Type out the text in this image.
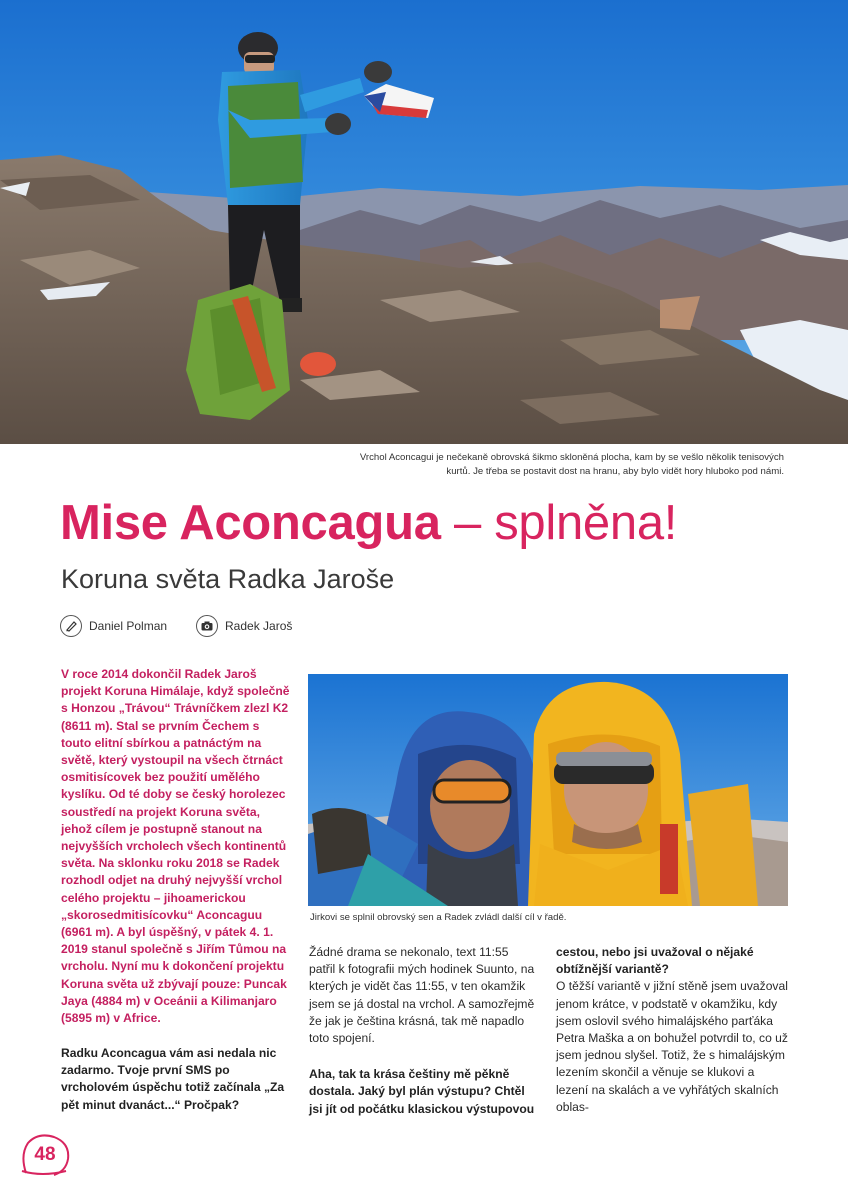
Vrchol Aconcagui je nečekaně obrovská šikmo skloněná plocha, kam by se vešlo několik tenisových kurtů. Je třeba se postavit dost na hranu, aby bylo vidět hory hluboko pod námi.
Mise Aconcagua – splněna!
Koruna světa Radka Jaroše
Daniel Polman	Radek Jaroš

V roce 2014 dokončil Radek Jaroš projekt Koruna Himálaje, když společně s Honzou „Trávou“ Trávníčkem zlezl K2 (8611 m). Stal se prvním Čechem s touto elitní sbírkou a patnáctým na světě, který vystoupil na všech čtrnáct osmitisícovek bez použití umělého kyslíku. Od té doby se český horolezec soustředí na projekt Koruna světa, jehož cílem je postupně stanout na nejvyšších vrcholech všech kontinentů světa. Na sklonku roku 2018 se Radek rozhodl odjet na druhý nejvyšší vrchol celého projektu – jihoamerickou „skorosedmitisícovku“ Aconcaguu (6961 m). A byl úspěšný, v pátek 4. 1. 2019 stanul společně s Jiřím Tůmou na vrcholu. Nyní mu k dokončení projektu Koruna světa už zbývají pouze: Puncak Jaya (4884 m) v Oceánii a Kilimanjaro (5895 m) v Africe.

Radku Aconcagua vám asi nedala nic zadarmo. Tvoje první SMS po vrcholovém úspěchu totiž začínala „Za pět minut dvanáct...“ Pročpak?

Jirkovi se splnil obrovský sen a Radek zvládl další cíl v řadě.

Žádné drama se nekonalo, text 11:55 patřil k fotografii mých hodinek Suunto, na kterých je vidět čas 11:55, v ten okamžik jsem se já dostal na vrchol. A samozřejmě že jak je čeština krásná, tak mě napadlo toto spojení.

Aha, tak ta krása češtiny mě pěkně dostala. Jaký byl plán výstupu? Chtěl jsi jít od počátku klasickou výstupovou

cestou, nebo jsi uvažoval o nějaké obtížnější variantě?

O těžší variantě v jižní stěně jsem uvažoval jenom krátce, v podstatě v okamžiku, kdy jsem oslovil svého himalájského parťáka Petra Maška a on bohužel potvrdil to, co už jsem jednou slyšel. Totiž, že s himalájským lezením skončil a věnuje se klukovi a lezení na skalách a ve vyhřátých skalních oblas-

48
